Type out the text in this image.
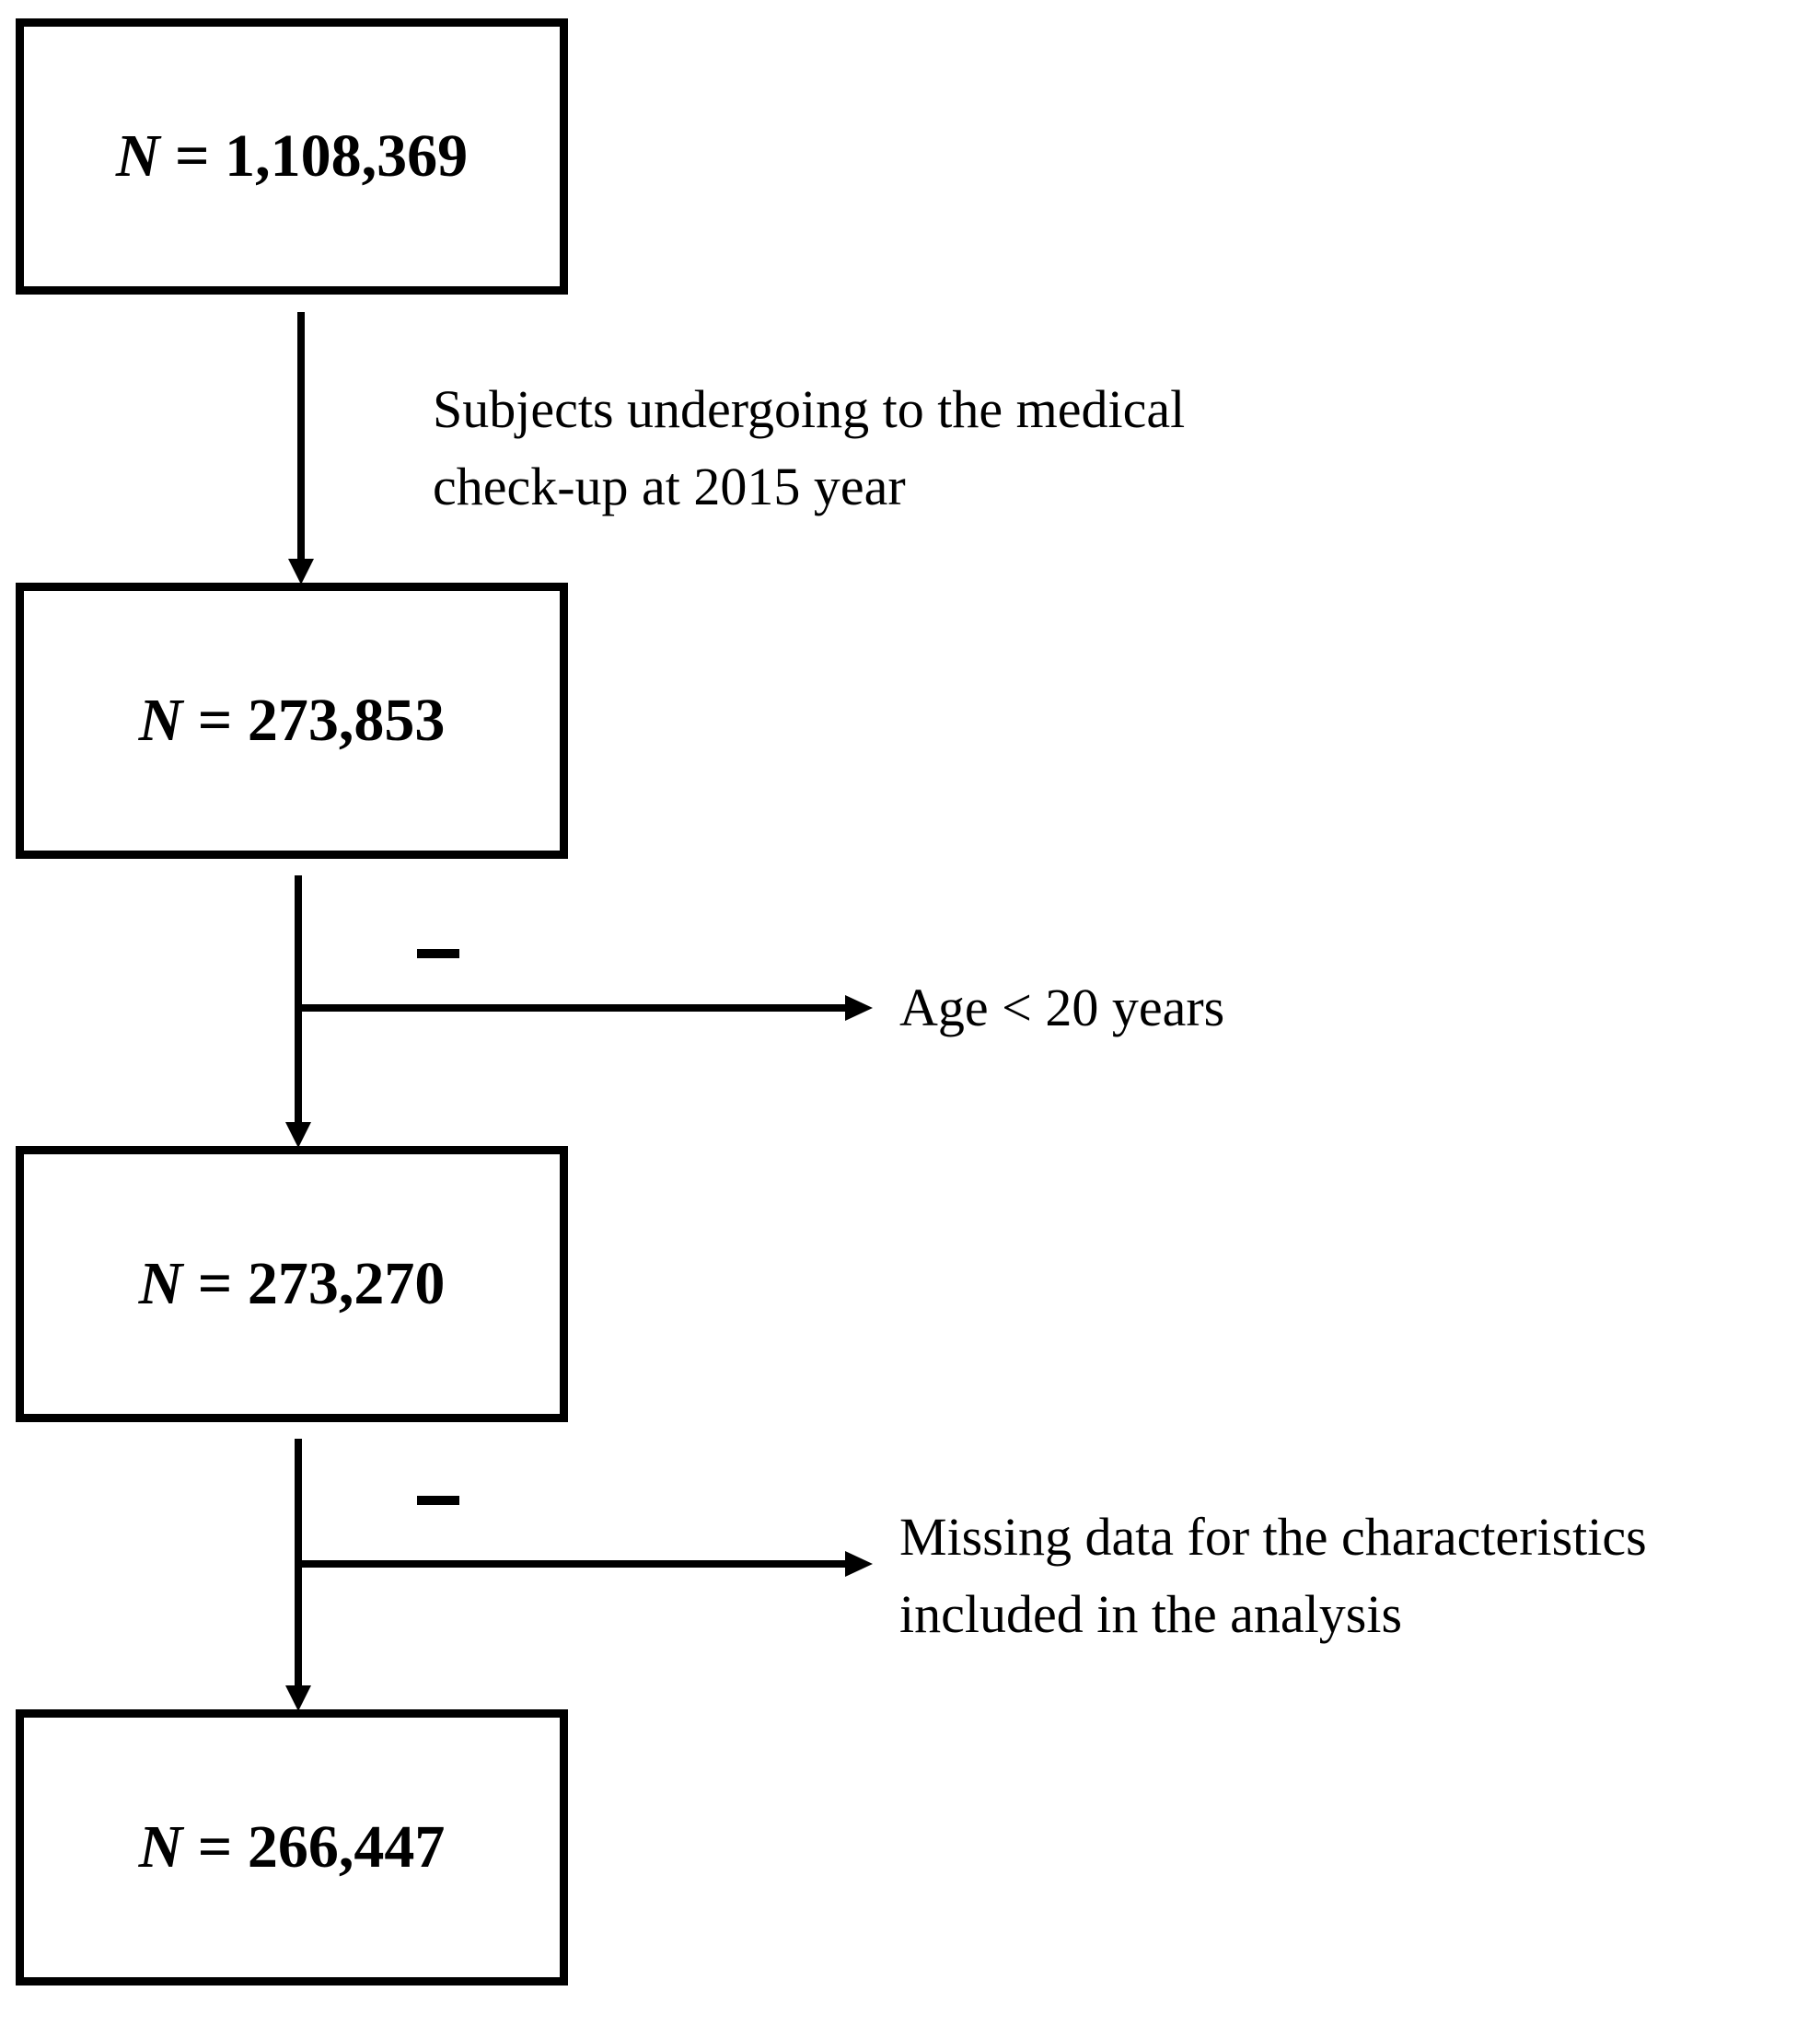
N = 1,108,369
Subjects undergoing to the medical
check-up at 2015 year
N = 273,853
Age < 20 years
N = 273,270
Missing data for the characteristics
included in the analysis
N = 266,447
